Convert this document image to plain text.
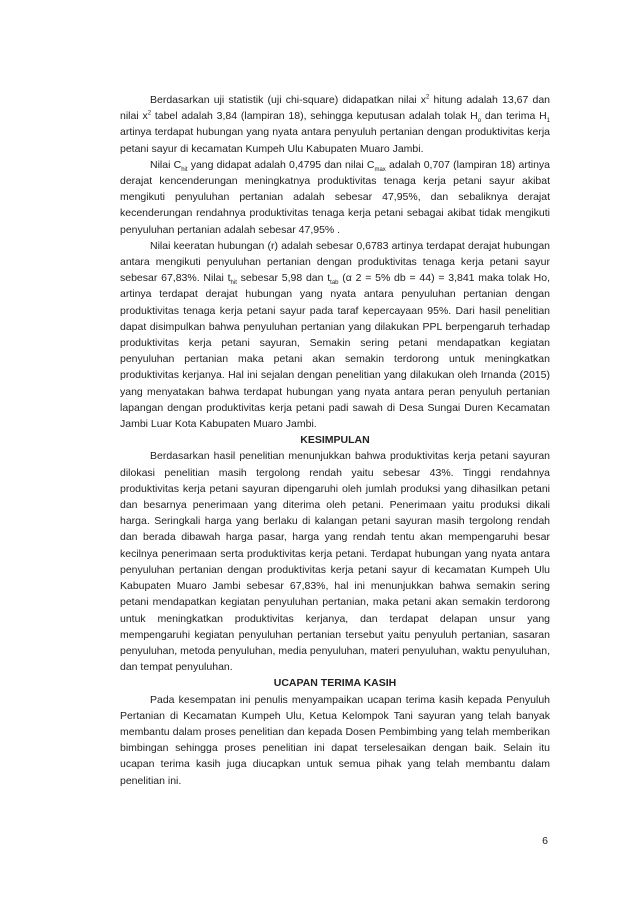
Berdasarkan uji statistik (uji chi-square) didapatkan nilai $x^2$ hitung adalah 13,67 dan nilai $x^2$ tabel adalah 3,84 (lampiran 18), sehingga keputusan adalah tolak $H_o$ dan terima $H_1$ artinya terdapat hubungan yang nyata antara penyuluh pertanian dengan produktivitas kerja petani sayur di kecamatan Kumpeh Ulu Kabupaten Muaro Jambi.

Nilai $C_{hit}$ yang didapat adalah 0,4795 dan nilai $C_{max}$ adalah 0,707 (lampiran 18) artinya derajat kencenderungan meningkatnya produktivitas tenaga kerja petani sayur akibat mengikuti penyuluhan pertanian adalah sebesar 47,95%, dan sebaliknya derajat kecenderungan rendahnya produktivitas tenaga kerja petani sebagai akibat tidak mengikuti penyuluhan pertanian adalah sebesar 47,95% .

Nilai keeratan hubungan (r) adalah sebesar 0,6783 artinya terdapat derajat hubungan antara mengikuti penyuluhan pertanian dengan produktivitas tenaga kerja petani sayur sebesar 67,83%. Nilai $t_{hit}$ sebesar 5,98 dan $t_{tab}$ (α 2 = 5% db = 44) = 3,841 maka tolak Ho, artinya terdapat derajat hubungan yang nyata antara penyuluhan pertanian dengan produktivitas tenaga kerja petani sayur pada taraf kepercayaan 95%. Dari hasil penelitian dapat disimpulkan bahwa penyuluhan pertanian yang dilakukan PPL berpengaruh terhadap produktivitas kerja petani sayuran, Semakin sering petani mendapatkan kegiatan penyuluhan pertanian maka petani akan semakin terdorong untuk meningkatkan produktivitas kerjanya. Hal ini sejalan dengan penelitian yang dilakukan oleh Irnanda (2015) yang menyatakan bahwa terdapat hubungan yang nyata antara peran penyuluh pertanian lapangan dengan produktivitas kerja petani padi sawah di Desa Sungai Duren Kecamatan Jambi Luar Kota Kabupaten Muaro Jambi.

KESIMPULAN

Berdasarkan hasil penelitian menunjukkan bahwa produktivitas kerja petani sayuran dilokasi penelitian masih tergolong rendah yaitu sebesar 43%. Tinggi rendahnya produktivitas kerja petani sayuran dipengaruhi oleh jumlah produksi yang dihasilkan petani dan besarnya penerimaan yang diterima oleh petani. Penerimaan yaitu produksi dikali harga. Seringkali harga yang berlaku di kalangan petani sayuran masih tergolong rendah dan berada dibawah harga pasar, harga yang rendah tentu akan mempengaruhi besar kecilnya penerimaan serta produktivitas kerja petani. Terdapat hubungan yang nyata antara penyuluhan pertanian dengan produktivitas kerja petani sayur di kecamatan Kumpeh Ulu Kabupaten Muaro Jambi sebesar 67,83%, hal ini menunjukkan bahwa semakin sering petani mendapatkan kegiatan penyuluhan pertanian, maka petani akan semakin terdorong untuk meningkatkan produktivitas kerjanya, dan terdapat delapan unsur yang mempengaruhi kegiatan penyuluhan pertanian tersebut yaitu penyuluh pertanian, sasaran penyuluhan, metoda penyuluhan, media penyuluhan, materi penyuluhan, waktu penyuluhan, dan tempat penyuluhan.

UCAPAN TERIMA KASIH

Pada kesempatan ini penulis menyampaikan ucapan terima kasih kepada Penyuluh Pertanian di Kecamatan Kumpeh Ulu, Ketua Kelompok Tani sayuran yang telah banyak membantu dalam proses penelitian dan kepada Dosen Pembimbing yang telah memberikan bimbingan sehingga proses penelitian ini dapat terselesaikan dengan baik. Selain itu ucapan terima kasih juga diucapkan untuk semua pihak yang telah membantu dalam penelitian ini.

6
